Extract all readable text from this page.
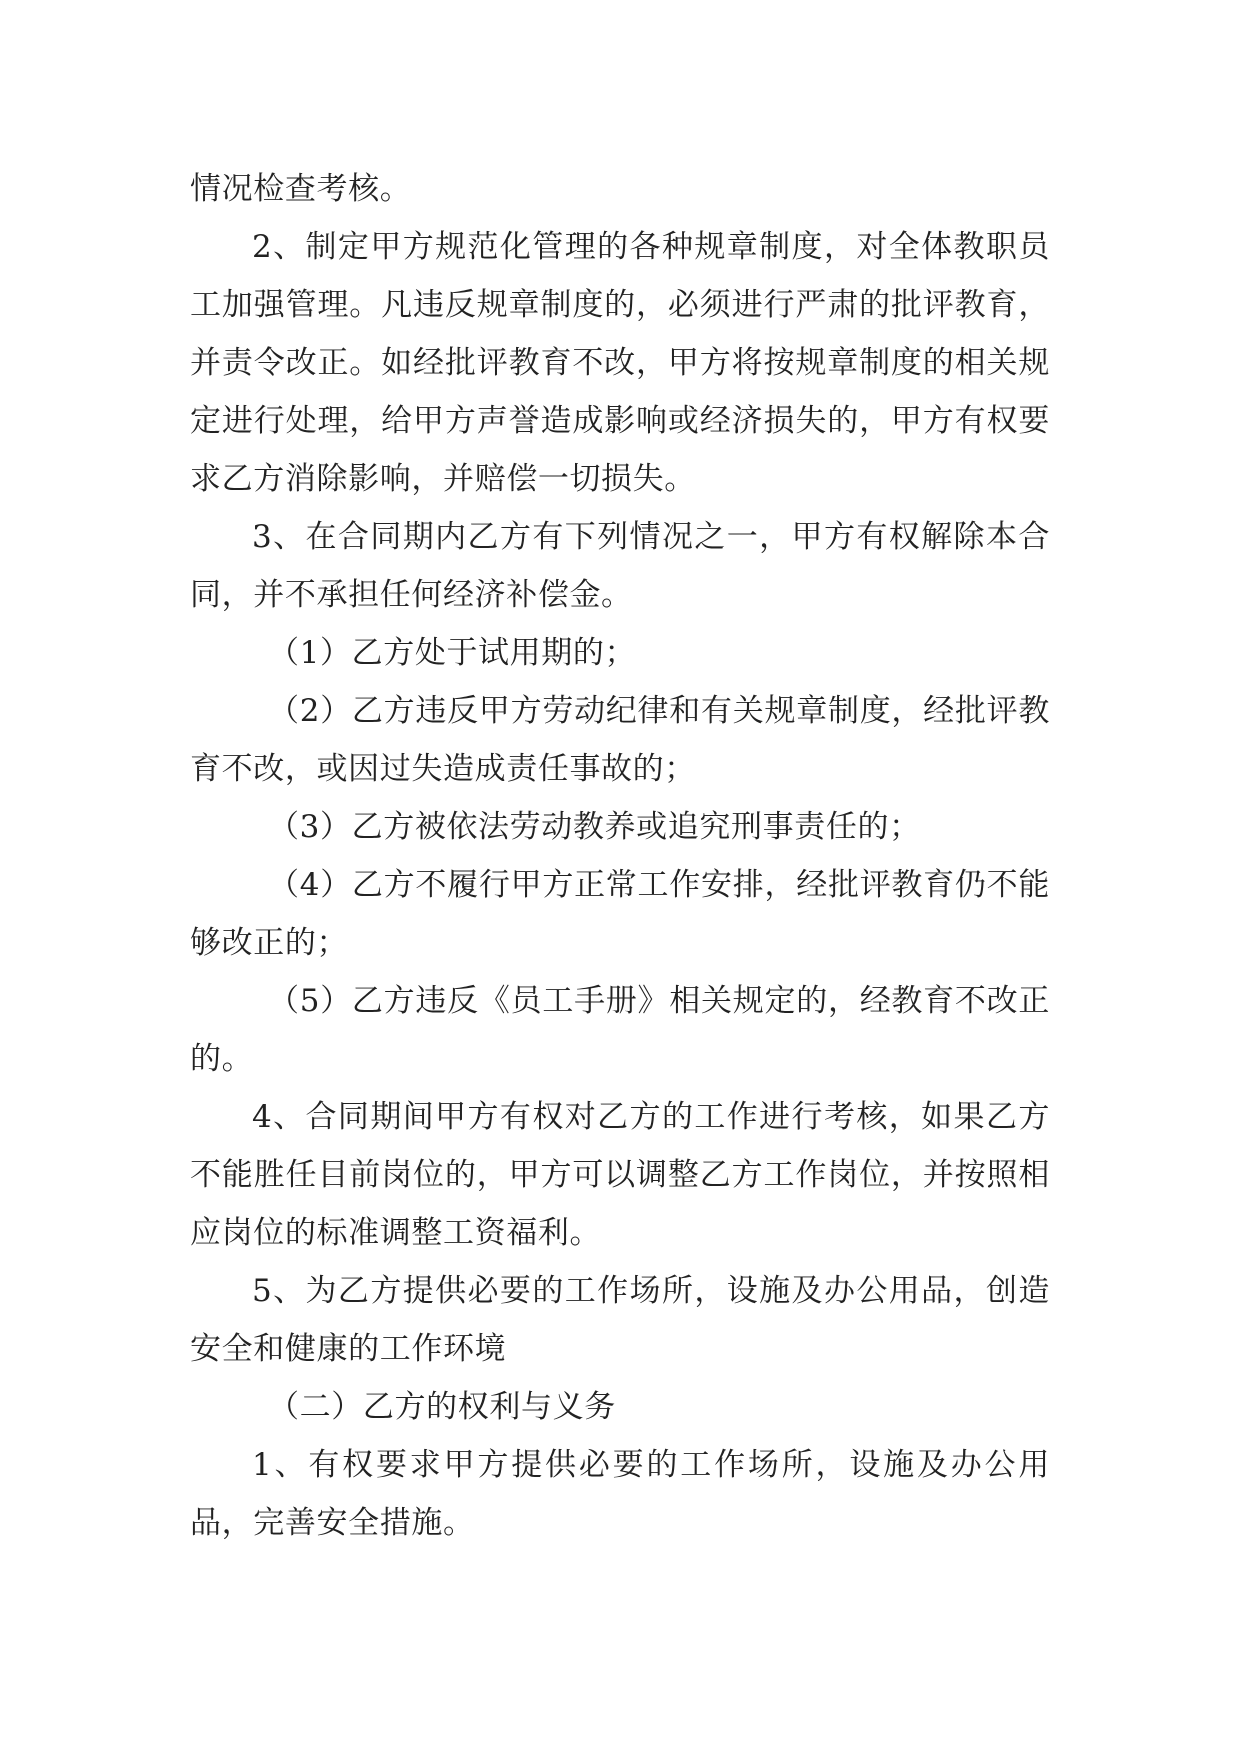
情况检查考核。

2、制定甲方规范化管理的各种规章制度，对全体教职员工加强管理。凡违反规章制度的，必须进行严肃的批评教育，并责令改正。如经批评教育不改，甲方将按规章制度的相关规定进行处理，给甲方声誉造成影响或经济损失的，甲方有权要求乙方消除影响，并赔偿一切损失。

3、在合同期内乙方有下列情况之一，甲方有权解除本合同，并不承担任何经济补偿金。

（1）乙方处于试用期的；

（2）乙方违反甲方劳动纪律和有关规章制度，经批评教育不改，或因过失造成责任事故的；

（3）乙方被依法劳动教养或追究刑事责任的；

（4）乙方不履行甲方正常工作安排，经批评教育仍不能够改正的；

（5）乙方违反《员工手册》相关规定的，经教育不改正的。

4、合同期间甲方有权对乙方的工作进行考核，如果乙方不能胜任目前岗位的，甲方可以调整乙方工作岗位，并按照相应岗位的标准调整工资福利。

5、为乙方提供必要的工作场所，设施及办公用品，创造安全和健康的工作环境

（二）乙方的权利与义务

1、有权要求甲方提供必要的工作场所，设施及办公用品，完善安全措施。
